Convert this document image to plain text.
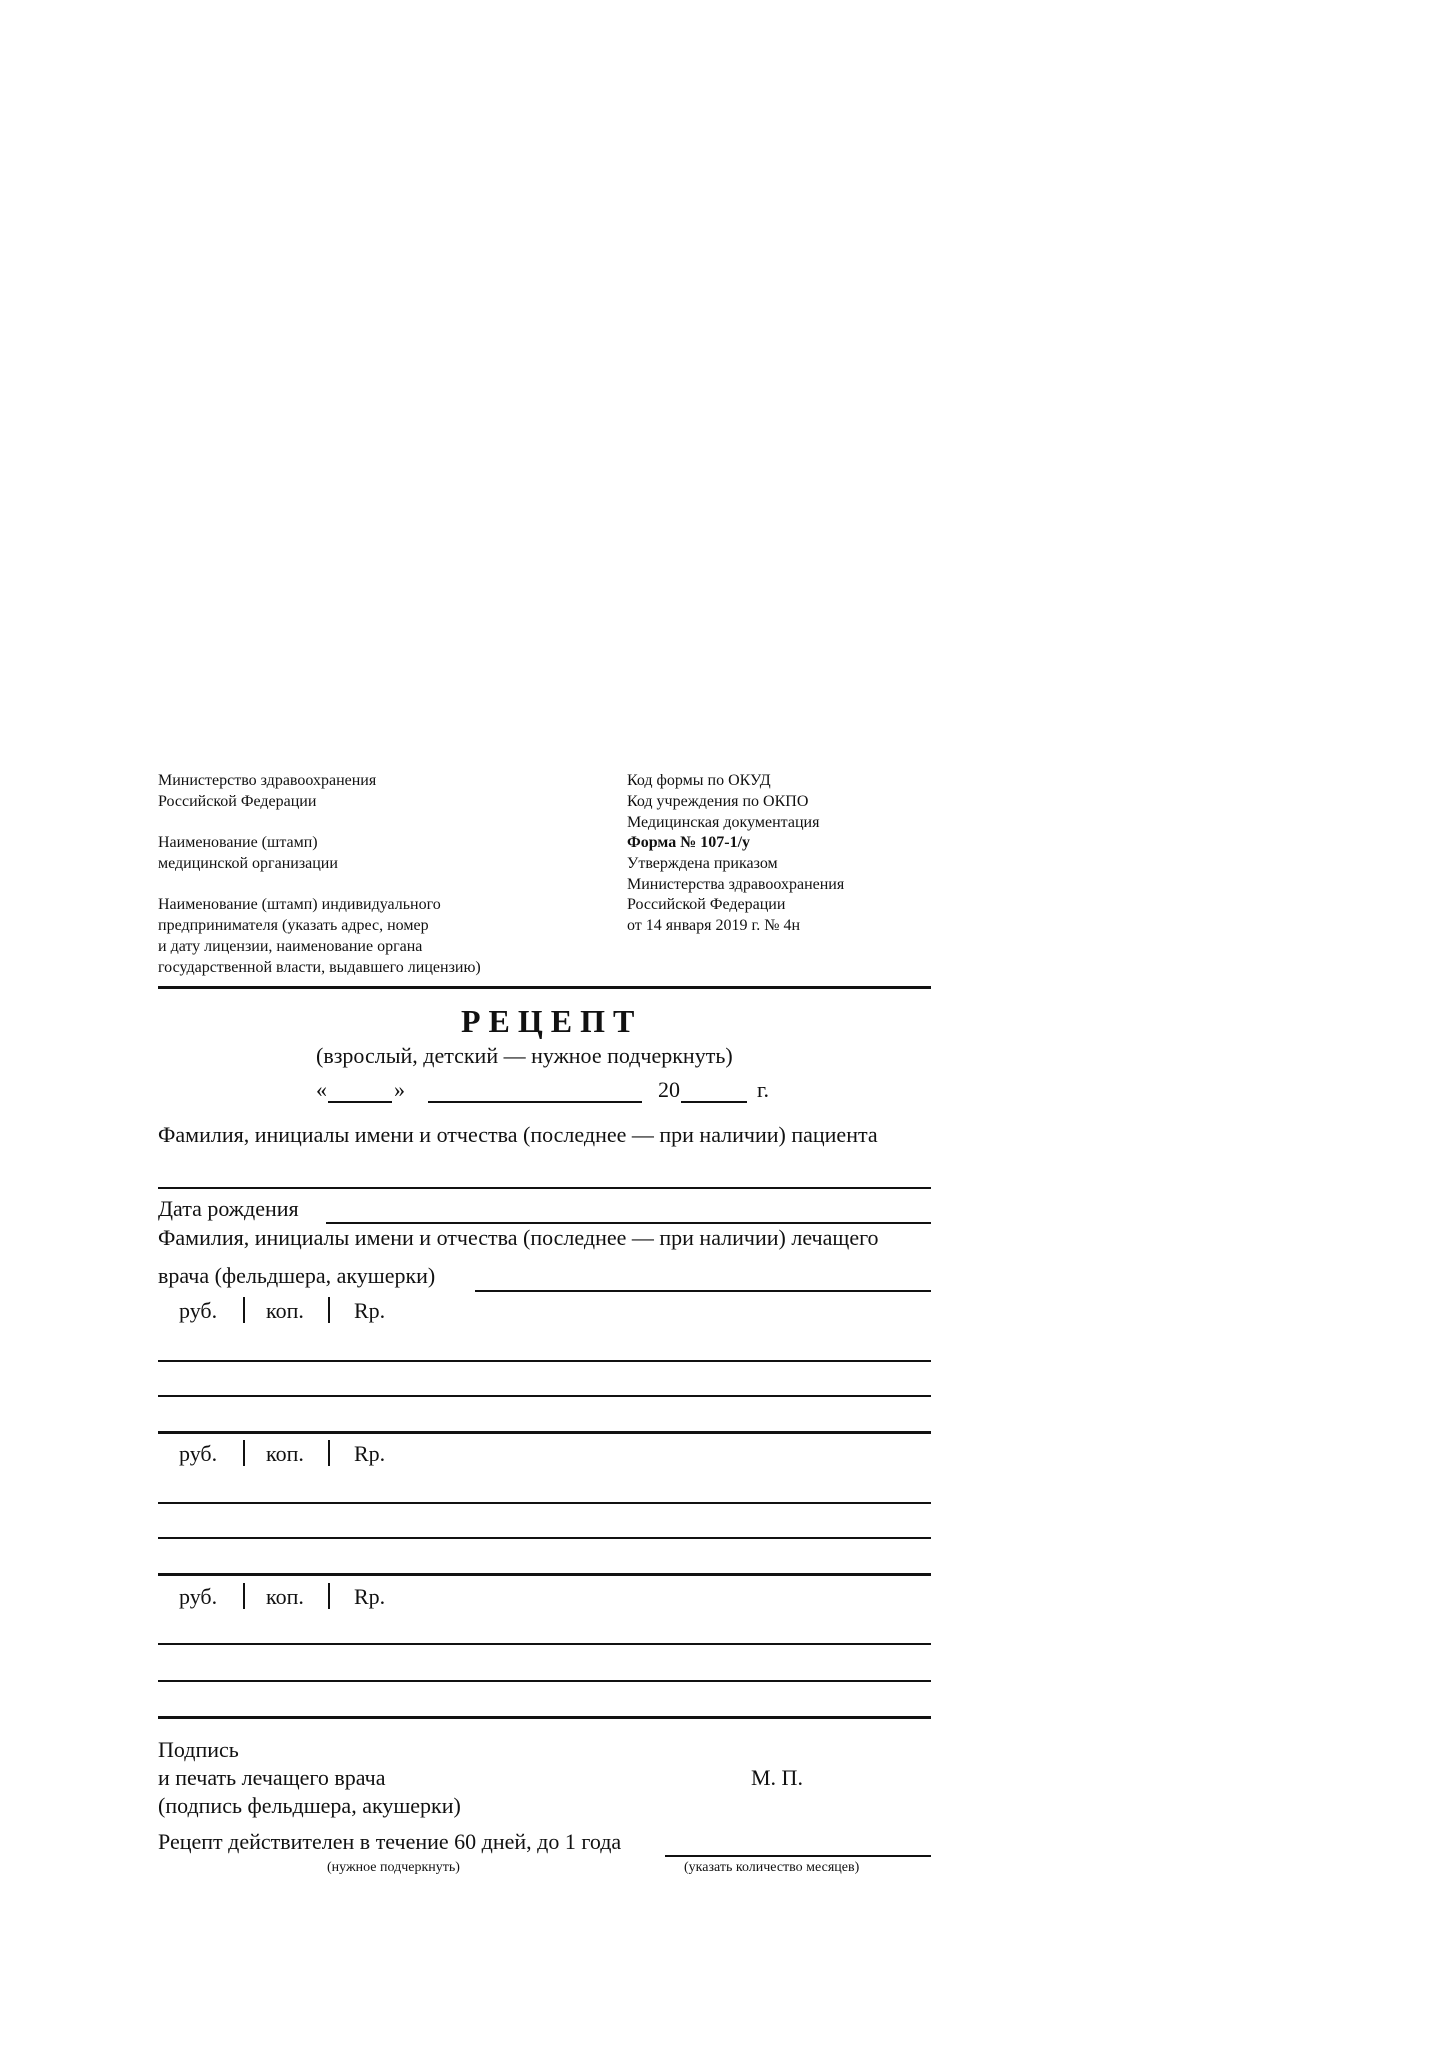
Министерство здравоохранения
Российской Федерации
Наименование (штамп)
медицинской организации
Наименование (штамп) индивидуального
предпринимателя (указать адрес, номер
и дату лицензии, наименование органа
государственной власти, выдавшего лицензию)
Код формы по ОКУД
Код учреждения по ОКПО
Медицинская документация
Форма № 107-1/у
Утверждена приказом
Министерства здравоохранения
Российской Федерации
от 14 января 2019 г. № 4н
РЕЦЕПТ
(взрослый, детский — нужное подчеркнуть)
«	»	20	г.
Фамилия, инициалы имени и отчества (последнее — при наличии) пациента
Дата рождения
Фамилия, инициалы имени и отчества (последнее — при наличии) лечащего
врача (фельдшера, акушерки)
руб. коп. Rp.
руб. коп. Rp.
руб. коп. Rp.
Подпись
и печать лечащего врача
(подпись фельдшера, акушерки)
М. П.
Рецепт действителен в течение 60 дней, до 1 года
(нужное подчеркнуть)	(указать количество месяцев)
